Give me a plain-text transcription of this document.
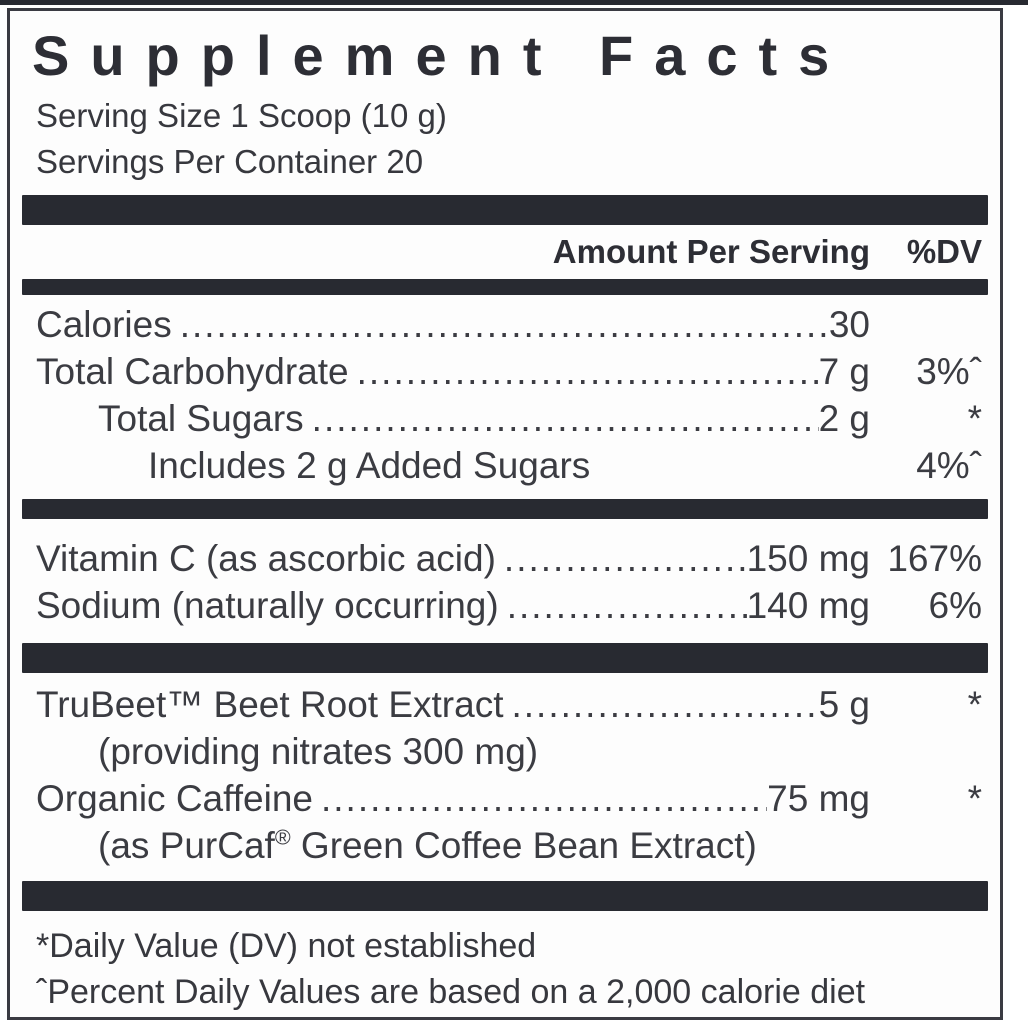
Supplement Facts
Serving Size 1 Scoop (10 g)
Servings Per Container 20
Amount Per Serving	%DV
Calories .....	30
Total Carbohydrate .....	7 g	3%ˆ
Total Sugars .....	2 g	*
Includes 2 g Added Sugars	4%ˆ
Vitamin C (as ascorbic acid) .....	150 mg 167%
Sodium (naturally occurring) .....	140 mg	6%
TruBeet™ Beet Root Extract .....	5 g	*
(providing nitrates 300 mg)
Organic Caffeine .....	75 mg	*
(as PurCaf® Green Coffee Bean Extract)
*Daily Value (DV) not established
ˆPercent Daily Values are based on a 2,000 calorie diet
